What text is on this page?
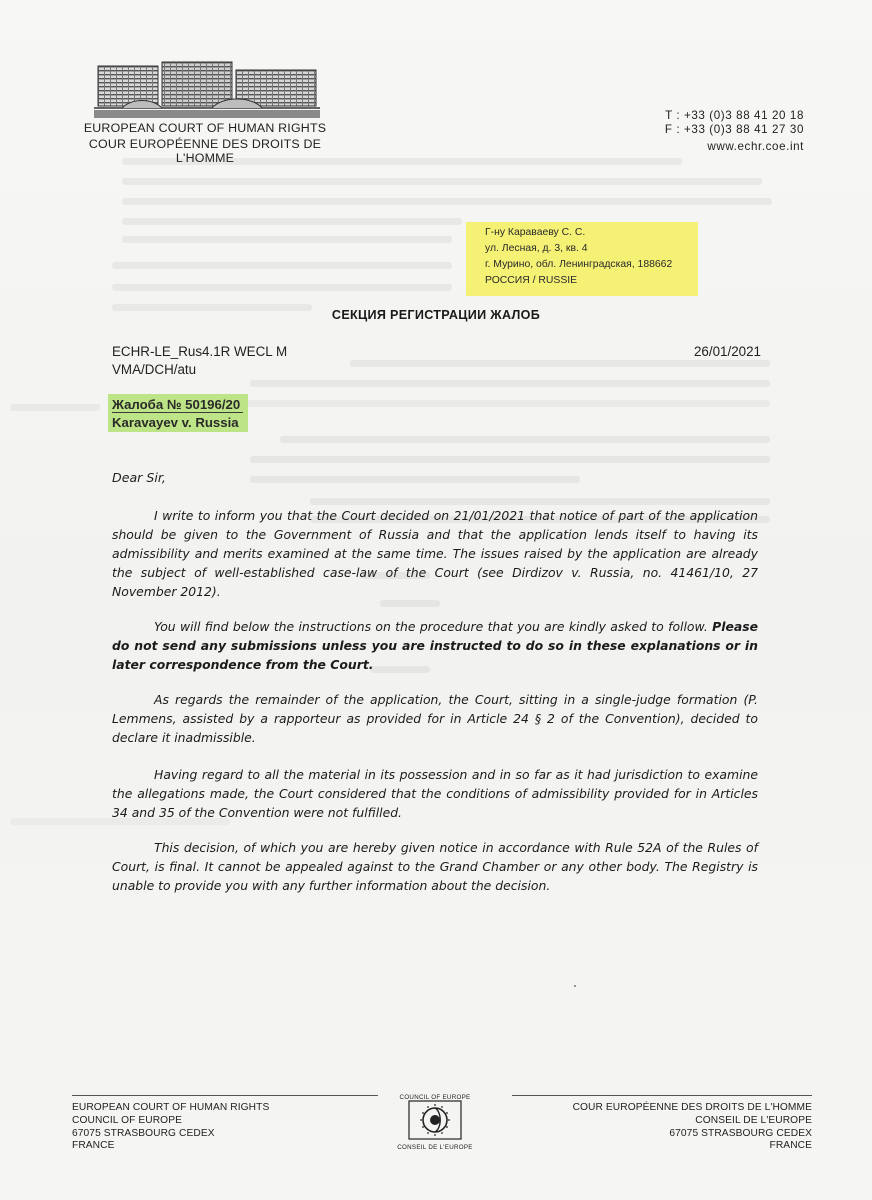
EUROPEAN COURT OF HUMAN RIGHTS
COUR EUROPÉENNE DES DROITS DE L'HOMME
T : +33 (0)3 88 41 20 18
F : +33 (0)3 88 41 27 30
www.echr.coe.int
Г-ну Караваеву С. С.
ул. Лесная, д. 3, кв. 4
г. Мурино, обл. Ленинградская, 188662
РОССИЯ / RUSSIE
СЕКЦИЯ РЕГИСТРАЦИИ ЖАЛОБ
ECHR-LE_Rus4.1R WECL M
VMA/DCH/atu
26/01/2021
Жалоба № 50196/20
Karavayev v. Russia
Dear Sir,
I write to inform you that the Court decided on 21/01/2021 that notice of part of the application should be given to the Government of Russia and that the application lends itself to having its admissibility and merits examined at the same time. The issues raised by the application are already the subject of well-established case-law of the Court (see Dirdizov v. Russia, no. 41461/10, 27 November 2012).
You will find below the instructions on the procedure that you are kindly asked to follow. Please do not send any submissions unless you are instructed to do so in these explanations or in later correspondence from the Court.
As regards the remainder of the application, the Court, sitting in a single-judge formation (P. Lemmens, assisted by a rapporteur as provided for in Article 24 § 2 of the Convention), decided to declare it inadmissible.
Having regard to all the material in its possession and in so far as it had jurisdiction to examine the allegations made, the Court considered that the conditions of admissibility provided for in Articles 34 and 35 of the Convention were not fulfilled.
This decision, of which you are hereby given notice in accordance with Rule 52A of the Rules of Court, is final. It cannot be appealed against to the Grand Chamber or any other body. The Registry is unable to provide you with any further information about the decision.
EUROPEAN COURT OF HUMAN RIGHTS
COUNCIL OF EUROPE
67075 STRASBOURG CEDEX
FRANCE
COUNCIL OF EUROPE
CONSEIL DE L'EUROPE
COUR EUROPÉENNE DES DROITS DE L'HOMME
CONSEIL DE L'EUROPE
67075 STRASBOURG CEDEX
FRANCE
